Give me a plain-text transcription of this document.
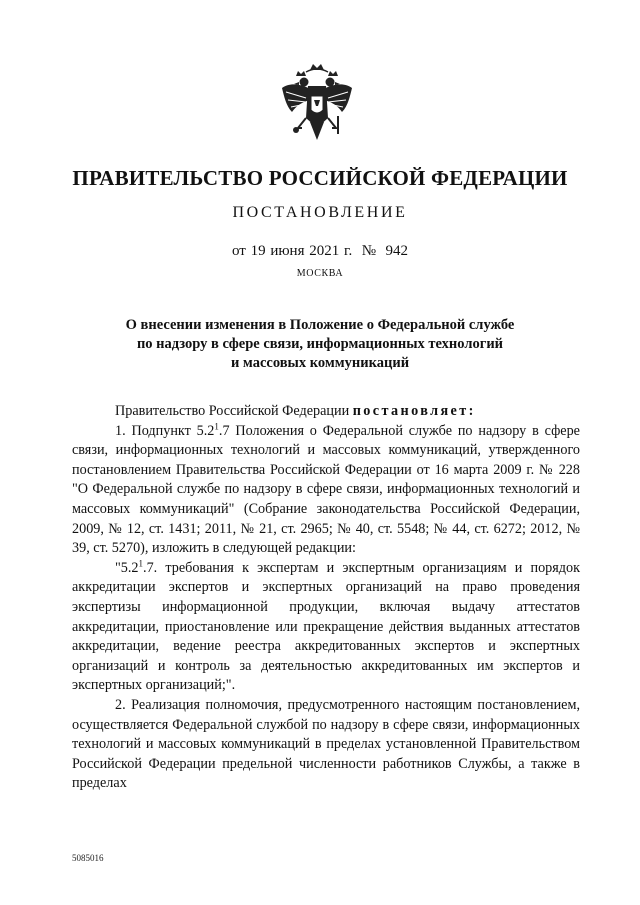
ПРАВИТЕЛЬСТВО РОССИЙСКОЙ ФЕДЕРАЦИИ
ПОСТАНОВЛЕНИЕ
от 19 июня 2021 г.  №  942
МОСКВА
О внесении изменения в Положение о Федеральной службе
по надзору в сфере связи, информационных технологий
и массовых коммуникаций

Правительство Российской Федерации постановляет:

1. Подпункт $5.2^1.7$ Положения о Федеральной службе по надзору в сфере связи, информационных технологий и массовых коммуникаций, утвержденного постановлением Правительства Российской Федерации от 16 марта 2009 г. № 228 "О Федеральной службе по надзору в сфере связи, информационных технологий и массовых коммуникаций" (Собрание законодательства Российской Федерации, 2009, № 12, ст. 1431; 2011, № 21, ст. 2965; № 40, ст. 5548; № 44, ст. 6272; 2012, № 39, ст. 5270), изложить в следующей редакции:

"$5.2^1.7$. требования к экспертам и экспертным организациям и порядок аккредитации экспертов и экспертных организаций на право проведения экспертизы информационной продукции, включая выдачу аттестатов аккредитации, приостановление или прекращение действия выданных аттестатов аккредитации, ведение реестра аккредитованных экспертов и экспертных организаций и контроль за деятельностью аккредитованных им экспертов и экспертных организаций;".

2. Реализация полномочия, предусмотренного настоящим постановлением, осуществляется Федеральной службой по надзору в сфере связи, информационных технологий и массовых коммуникаций в пределах установленной Правительством Российской Федерации предельной численности работников Службы, а также в пределах

5085016
